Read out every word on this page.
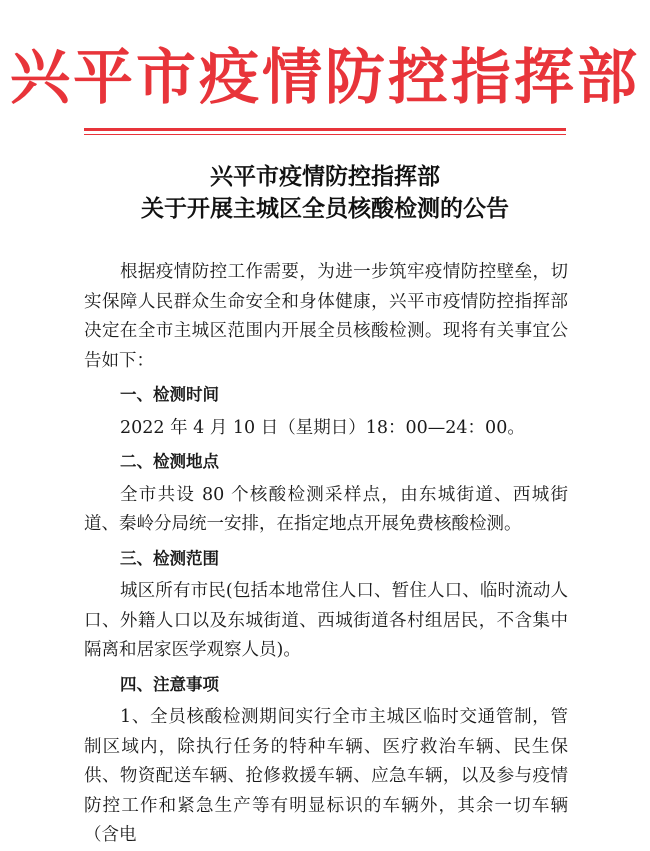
兴平市疫情防控指挥部
兴平市疫情防控指挥部
关于开展主城区全员核酸检测的公告

根据疫情防控工作需要，为进一步筑牢疫情防控壁垒，切实保障人民群众生命安全和身体健康，兴平市疫情防控指挥部决定在全市主城区范围内开展全员核酸检测。现将有关事宜公告如下：

一、检测时间

2022 年 4 月 10 日（星期日）18：00—24：00。

二、检测地点

全市共设 80 个核酸检测采样点，由东城街道、西城街道、秦岭分局统一安排，在指定地点开展免费核酸检测。

三、检测范围

城区所有市民(包括本地常住人口、暂住人口、临时流动人口、外籍人口以及东城街道、西城街道各村组居民，不含集中隔离和居家医学观察人员)。

四、注意事项

1、全员核酸检测期间实行全市主城区临时交通管制，管制区域内，除执行任务的特种车辆、医疗救治车辆、民生保供、物资配送车辆、抢修救援车辆、应急车辆，以及参与疫情防控工作和紧急生产等有明显标识的车辆外，其余一切车辆（含电
